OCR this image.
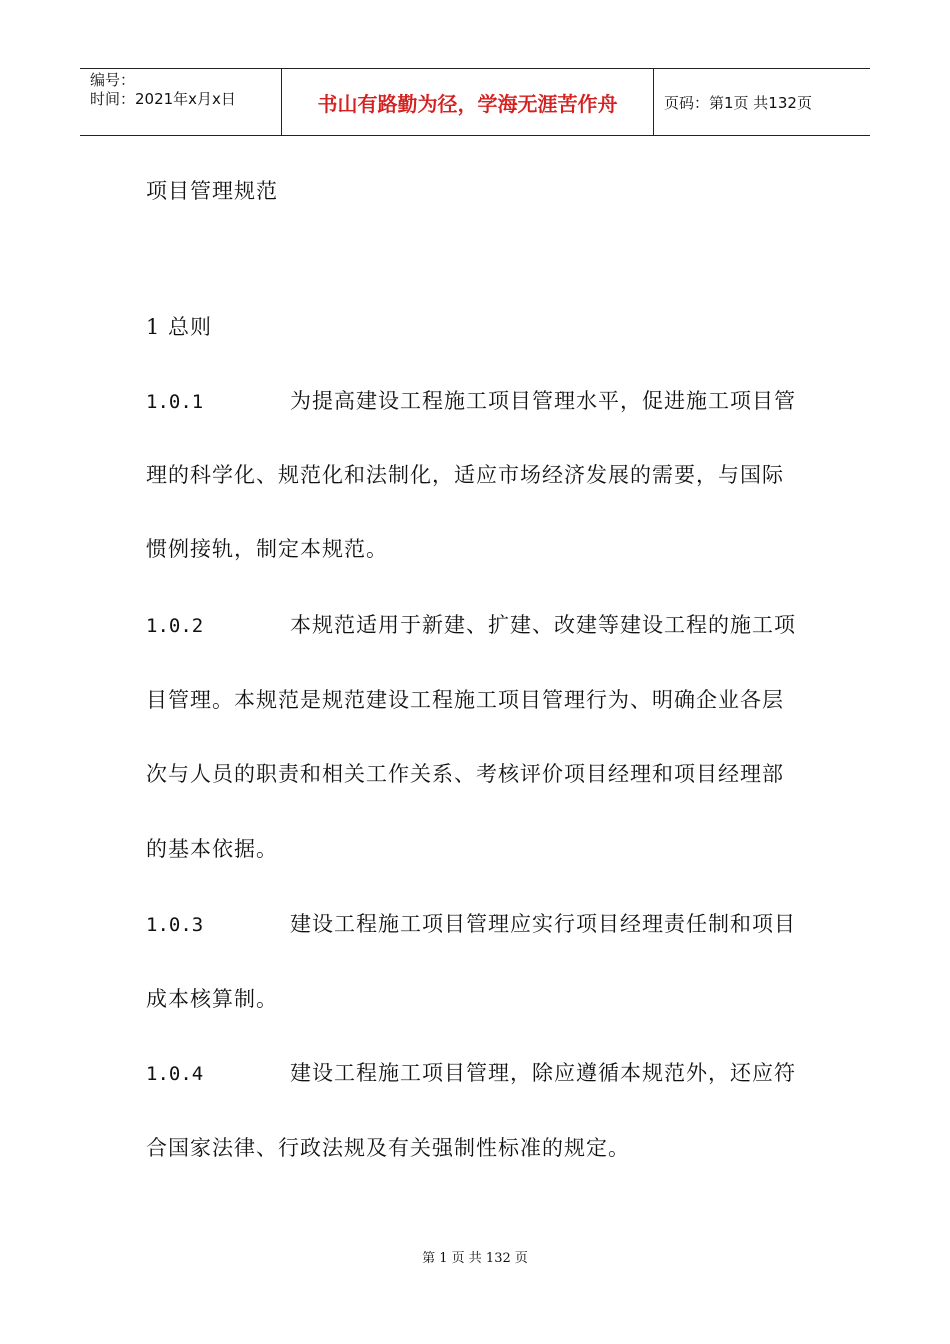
编号：
时间：2021年x月x日	书山有路勤为径，学海无涯苦作舟	页码：第1页 共132页
项目管理规范
1 总则
1.0.1	为提高建设工程施工项目管理水平，促进施工项目管
理的科学化、规范化和法制化，适应市场经济发展的需要，与国际
惯例接轨，制定本规范。
1.0.2	本规范适用于新建、扩建、改建等建设工程的施工项
目管理。本规范是规范建设工程施工项目管理行为、明确企业各层
次与人员的职责和相关工作关系、考核评价项目经理和项目经理部
的基本依据。
1.0.3	建设工程施工项目管理应实行项目经理责任制和项目
成本核算制。
1.0.4	建设工程施工项目管理，除应遵循本规范外，还应符
合国家法律、行政法规及有关强制性标准的规定。
第 1 页 共 132 页
